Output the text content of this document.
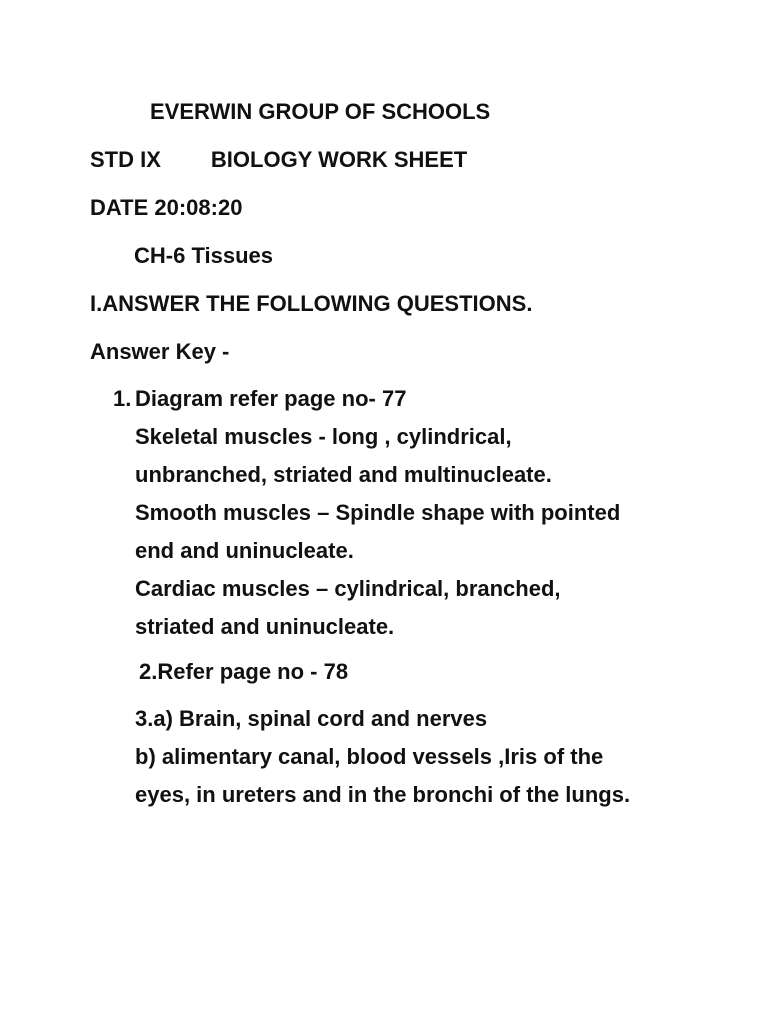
EVERWIN GROUP OF SCHOOLS
STD IX BIOLOGY WORK SHEET
DATE 20:08:20
CH-6 Tissues
I.ANSWER THE FOLLOWING QUESTIONS.
Answer Key -
1. Diagram refer page no- 77
Skeletal muscles - long , cylindrical,
unbranched, striated and multinucleate.
Smooth muscles – Spindle shape with pointed
end and uninucleate.
Cardiac muscles – cylindrical, branched,
striated and uninucleate.
2.Refer page no - 78
3.a) Brain, spinal cord and nerves
b) alimentary canal, blood vessels ,Iris of the
eyes, in ureters and in the bronchi of the lungs.
